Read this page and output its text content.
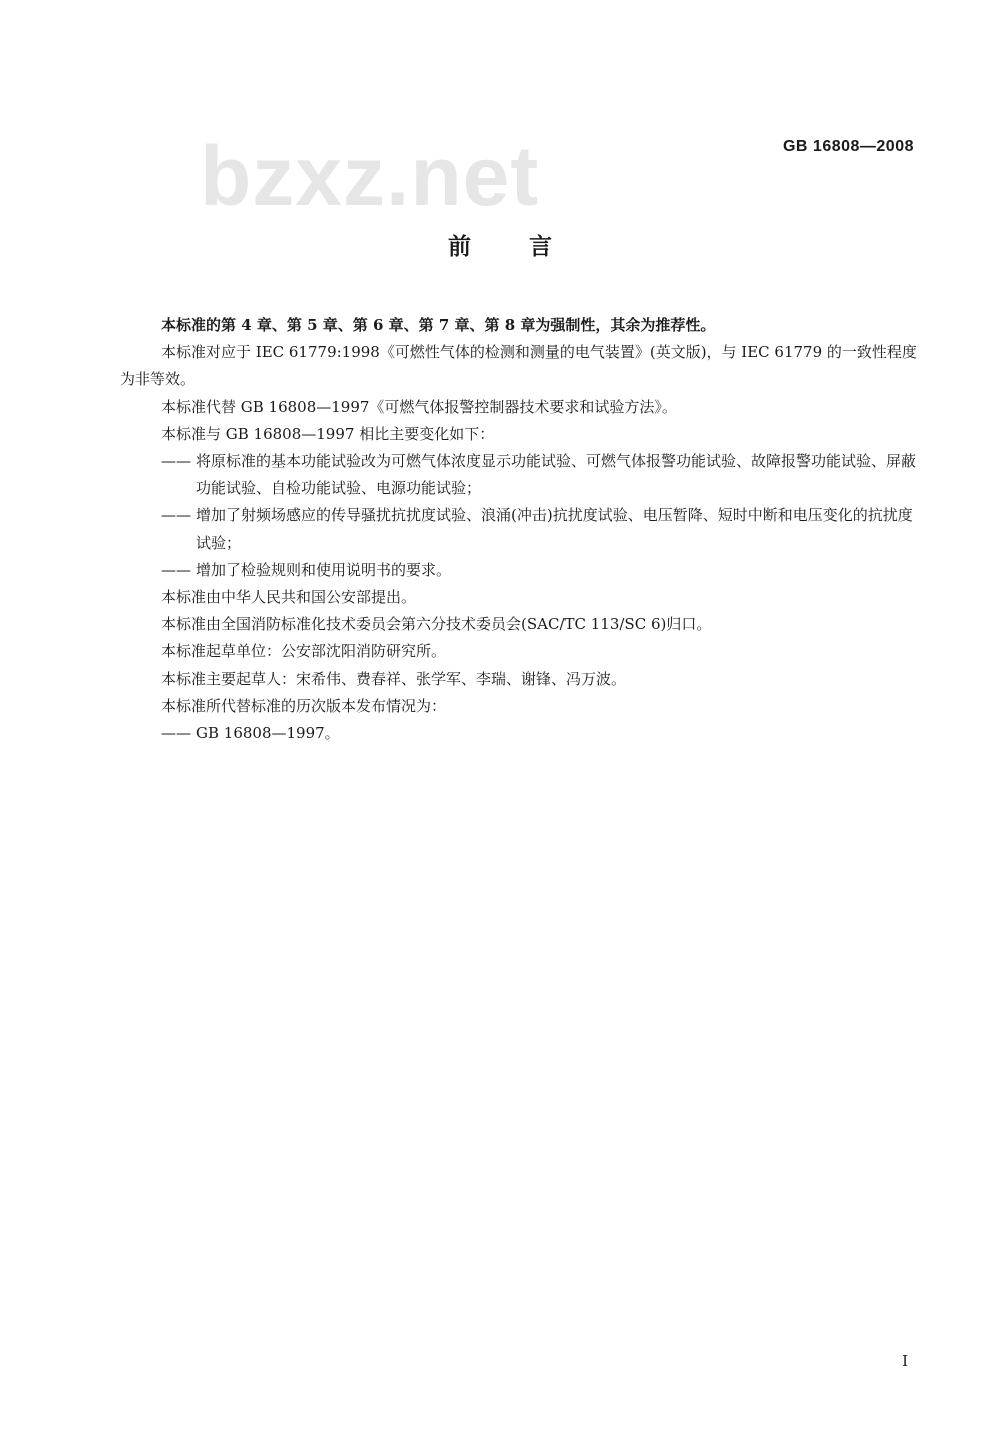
bzxz.net	GB 16808—2008
前言

本标准的第 4 章、第 5 章、第 6 章、第 7 章、第 8 章为强制性，其余为推荐性。

本标准对应于 IEC 61779:1998《可燃性气体的检测和测量的电气装置》(英文版)，与 IEC 61779 的一致性程度为非等效。

本标准代替 GB 16808—1997《可燃气体报警控制器技术要求和试验方法》。

本标准与 GB 16808—1997 相比主要变化如下：

—— 将原标准的基本功能试验改为可燃气体浓度显示功能试验、可燃气体报警功能试验、故障报警功能试验、屏蔽功能试验、自检功能试验、电源功能试验；
—— 增加了射频场感应的传导骚扰抗扰度试验、浪涌(冲击)抗扰度试验、电压暂降、短时中断和电压变化的抗扰度试验；
—— 增加了检验规则和使用说明书的要求。

本标准由中华人民共和国公安部提出。

本标准由全国消防标准化技术委员会第六分技术委员会(SAC/TC 113/SC 6)归口。

本标准起草单位：公安部沈阳消防研究所。

本标准主要起草人：宋希伟、费春祥、张学军、李瑞、谢锋、冯万波。

本标准所代替标准的历次版本发布情况为：

—— GB 16808—1997。
I
